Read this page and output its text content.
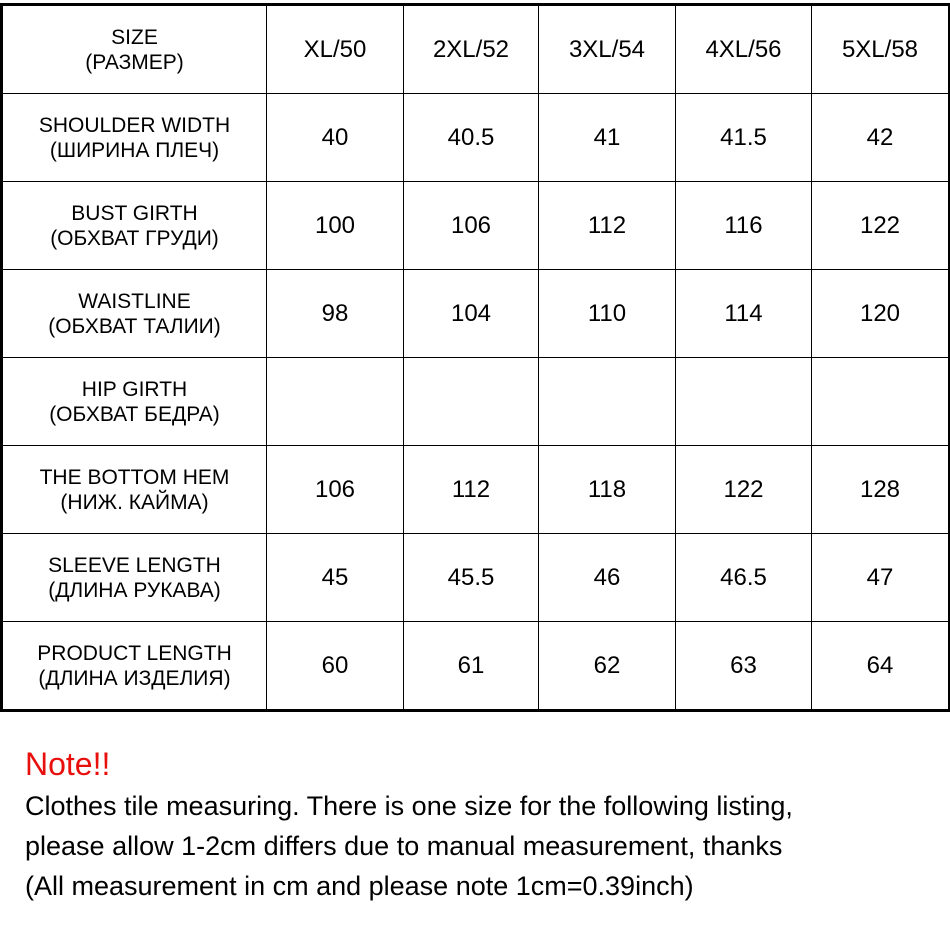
SIZE
(РАЗМЕР)	XL/50	2XL/52	3XL/54	4XL/56	5XL/58

SHOULDER WIDTH
(ШИРИНА ПЛЕЧ)	40	40.5	41	41.5	42

BUST GIRTH
(ОБХВАТ ГРУДИ)	100	106	112	116	122

WAISTLINE
(ОБХВАТ ТАЛИИ)	98	104	110	114	120

HIP GIRTH
(ОБХВАТ БЕДРА)					

THE BOTTOM HEM
(НИЖ. КАЙМА)	106	112	118	122	128

SLEEVE LENGTH
(ДЛИНА РУКАВА)	45	45.5	46	46.5	47

PRODUCT LENGTH
(ДЛИНА ИЗДЕЛИЯ)	60	61	62	63	64

Note!!

Clothes tile measuring. There is one size for the following listing,

please allow 1-2cm differs due to manual measurement, thanks

(All measurement in cm and please note 1cm=0.39inch)
